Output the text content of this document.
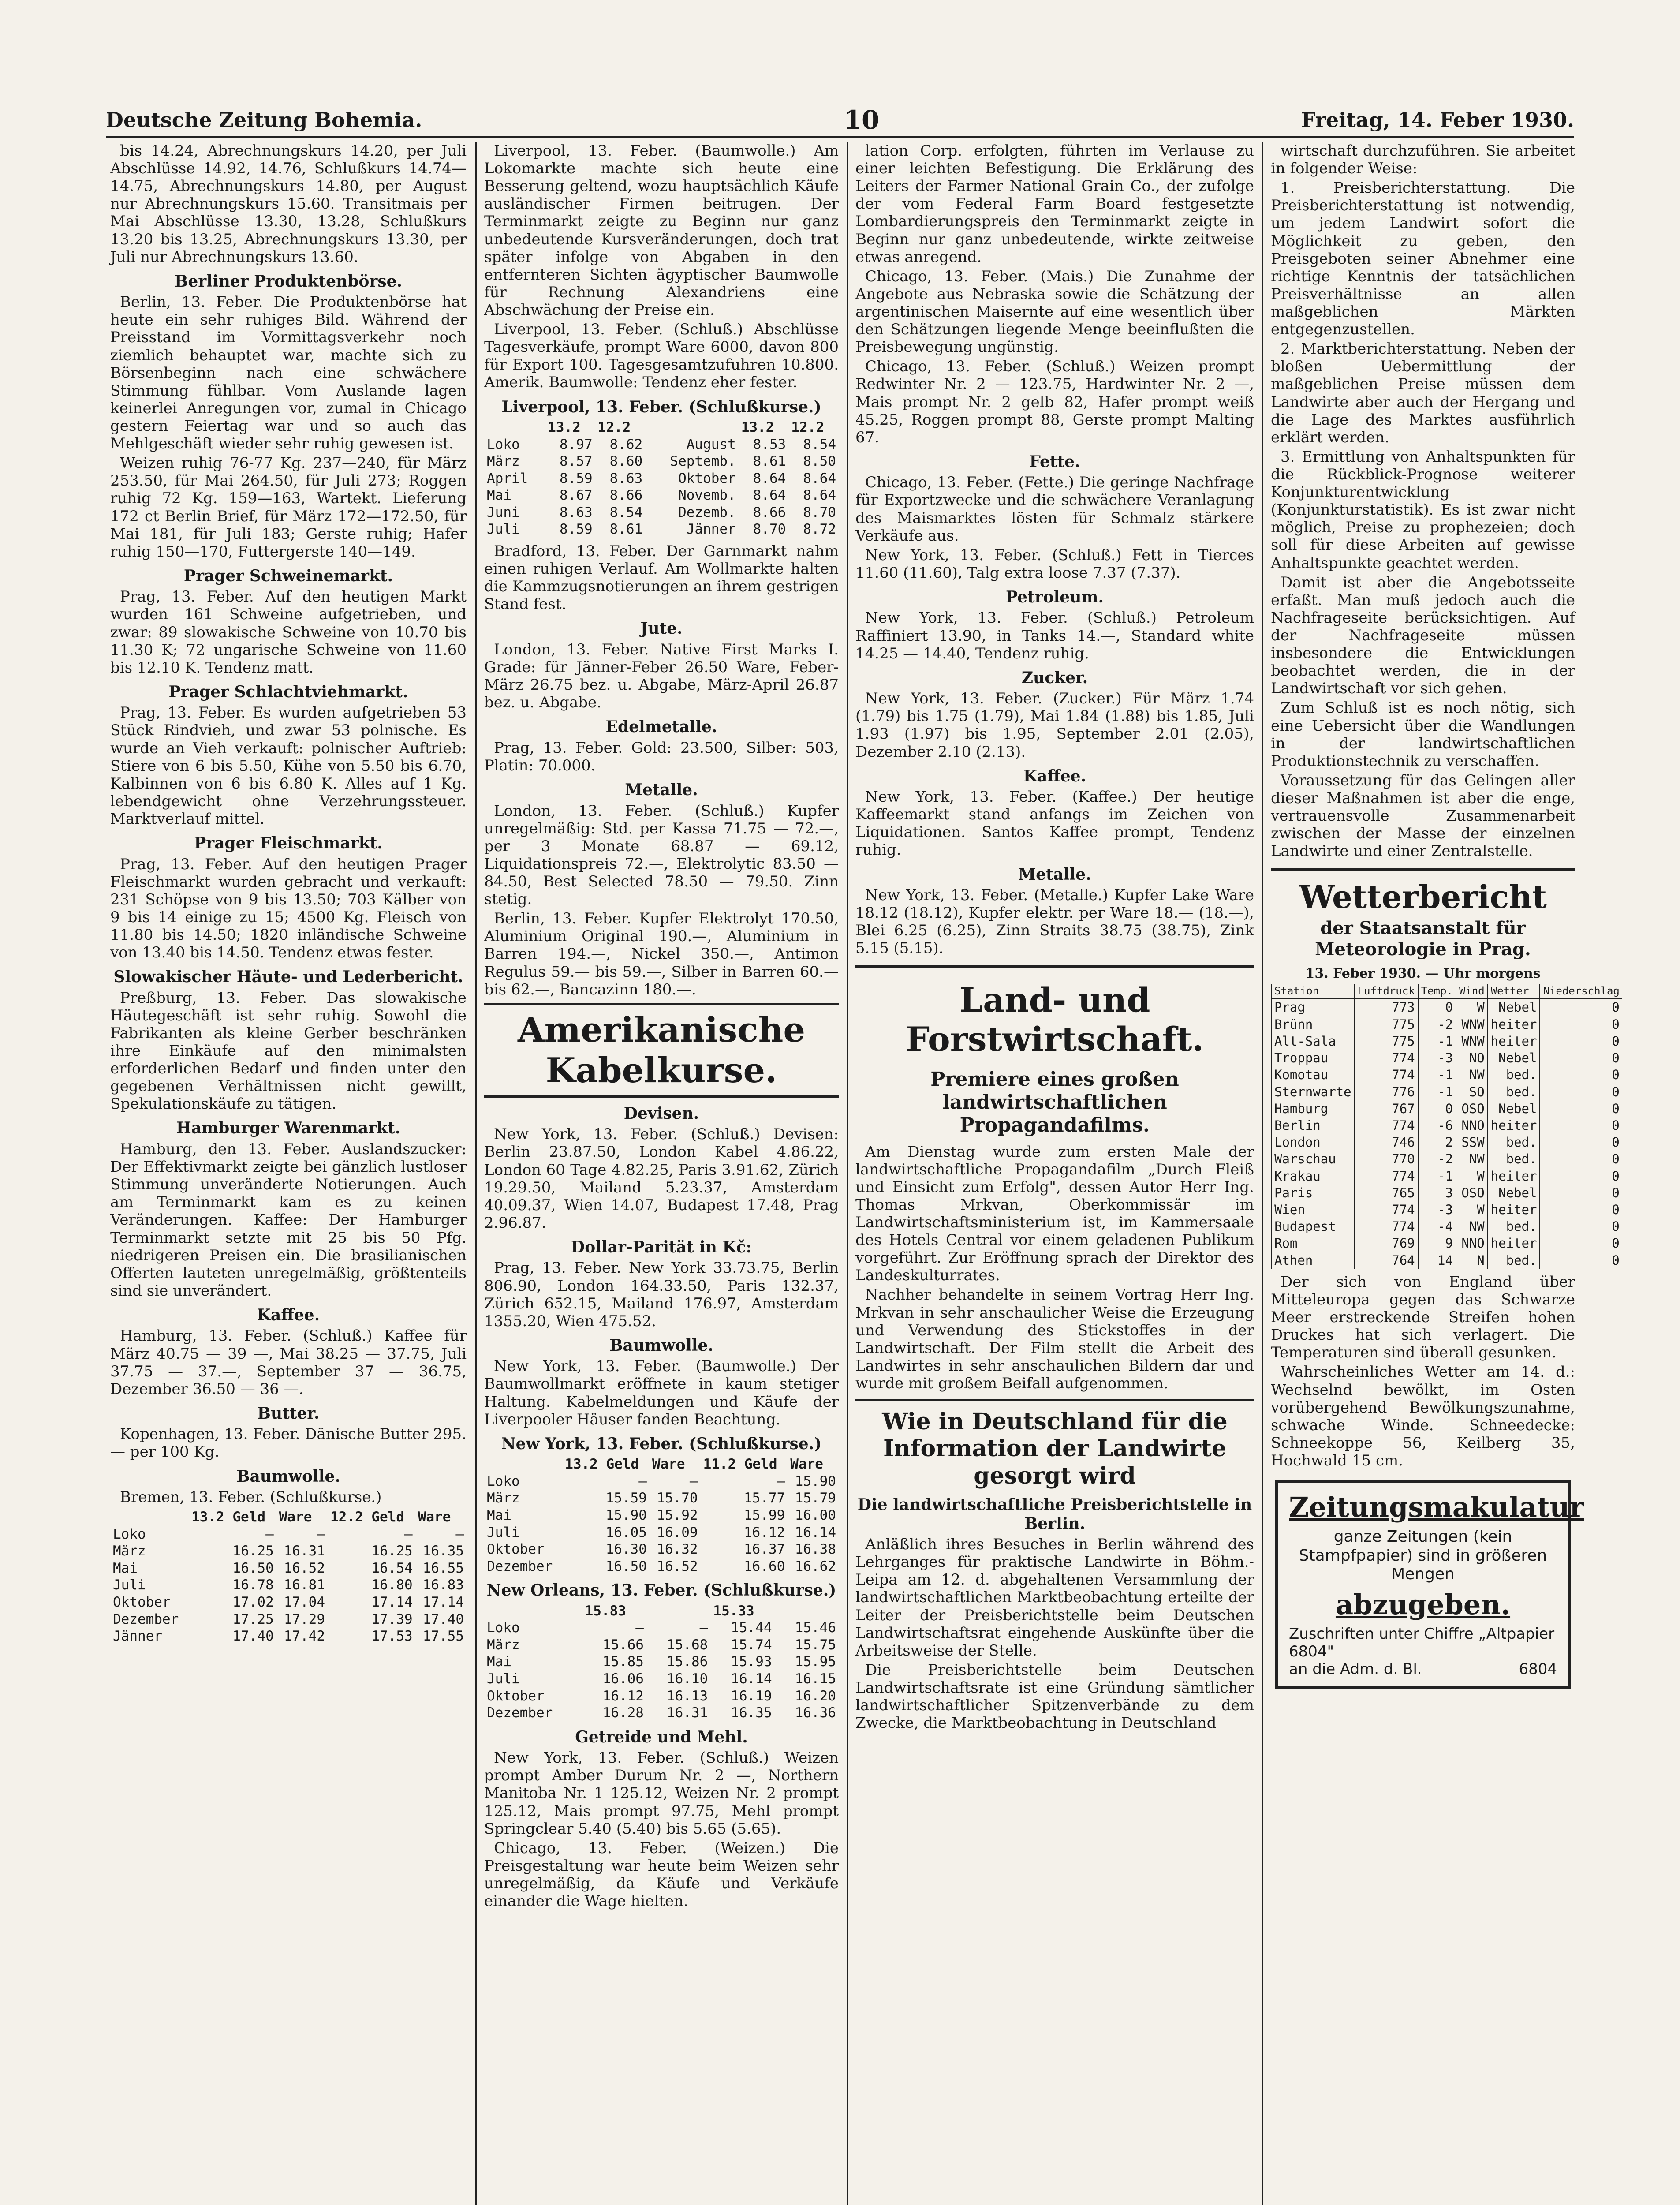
Deutsche Zeitung Bohemia.	10	Freitag, 14. Feber 1930.

bis 14.24, Abrechnungskurs 14.20, per Juli Abschlüsse 14.92, 14.76, Schlußkurs 14.74—14.75, Abrechnungskurs 14.80, per August nur Abrechnungskurs 15.60. Transitmais per Mai Abschlüsse 13.30, 13.28, Schlußkurs 13.20 bis 13.25, Abrechnungskurs 13.30, per Juli nur Abrechnungskurs 13.60.

Berliner Produktenbörse.

Berlin, 13. Feber. Die Produktenbörse hat heute ein sehr ruhiges Bild. Während der Preisstand im Vormittagsverkehr noch ziemlich behauptet war, machte sich zu Börsenbeginn nach eine schwächere Stimmung fühlbar. Vom Auslande lagen keinerlei Anregungen vor, zumal in Chicago gestern Feiertag war und so auch das Mehlgeschäft wieder sehr ruhig gewesen ist.

Weizen ruhig 76-77 Kg. 237—240, für März 253.50, für Mai 264.50, für Juli 273; Roggen ruhig 72 Kg. 159—163, Wartekt. Lieferung 172 ct Berlin Brief, für März 172—172.50, für Mai 181, für Juli 183; Gerste ruhig; Hafer ruhig 150—170, Futtergerste 140—149.

Prager Schweinemarkt.

Prag, 13. Feber. Auf den heutigen Markt wurden 161 Schweine aufgetrieben, und zwar: 89 slowakische Schweine von 10.70 bis 11.30 K; 72 ungarische Schweine von 11.60 bis 12.10 K. Tendenz matt.

Prager Schlachtviehmarkt.

Prag, 13. Feber. Es wurden aufgetrieben 53 Stück Rindvieh, und zwar 53 polnische. Es wurde an Vieh verkauft: polnischer Auftrieb: Stiere von 6 bis 5.50, Kühe von 5.50 bis 6.70, Kalbinnen von 6 bis 6.80 K. Alles auf 1 Kg. lebendgewicht ohne Verzehrungssteuer. Marktverlauf mittel.

Prager Fleischmarkt.

Prag, 13. Feber. Auf den heutigen Prager Fleischmarkt wurden gebracht und verkauft: 231 Schöpse von 9 bis 13.50; 703 Kälber von 9 bis 14 einige zu 15; 4500 Kg. Fleisch von 11.80 bis 14.50; 1820 inländische Schweine von 13.40 bis 14.50. Tendenz etwas fester.

Slowakischer Häute- und Lederbericht.

Preßburg, 13. Feber. Das slowakische Häutegeschäft ist sehr ruhig. Sowohl die Fabrikanten als kleine Gerber beschränken ihre Einkäufe auf den minimalsten erforderlichen Bedarf und finden unter den gegebenen Verhältnissen nicht gewillt, Spekulationskäufe zu tätigen.

Hamburger Warenmarkt.

Hamburg, den 13. Feber. Auslandszucker: Der Effektivmarkt zeigte bei gänzlich lustloser Stimmung unveränderte Notierungen. Auch am Terminmarkt kam es zu keinen Veränderungen. Kaffee: Der Hamburger Terminmarkt setzte mit 25 bis 50 Pfg. niedrigeren Preisen ein. Die brasilianischen Offerten lauteten unregelmäßig, größtenteils sind sie unverändert.

Kaffee.

Hamburg, 13. Feber. (Schluß.) Kaffee für März 40.75 — 39 —, Mai 38.25 — 37.75, Juli 37.75 — 37.—, September 37 — 36.75, Dezember 36.50 — 36 —.

Butter.

Kopenhagen, 13. Feber. Dänische Butter 295.— per 100 Kg.

Baumwolle.

Bremen, 13. Feber. (Schlußkurse.)

	13.2 Geld	Ware	12.2 Geld	Ware
Loko	—	—	—	—
März	16.25	16.31	16.25	16.35
Mai	16.50	16.52	16.54	16.55
Juli	16.78	16.81	16.80	16.83
Oktober	17.02	17.04	17.14	17.14
Dezember	17.25	17.29	17.39	17.40
Jänner	17.40	17.42	17.53	17.55

Liverpool, 13. Feber. (Baumwolle.) Am Lokomarkte machte sich heute eine Besserung geltend, wozu hauptsächlich Käufe ausländischer Firmen beitrugen. Der Terminmarkt zeigte zu Beginn nur ganz unbedeutende Kursveränderungen, doch trat später infolge von Abgaben in den entfernteren Sichten ägyptischer Baumwolle für Rechnung Alexandriens eine Abschwächung der Preise ein.

Liverpool, 13. Feber. (Schluß.) Abschlüsse Tagesverkäufe, prompt Ware 6000, davon 800 für Export 100. Tagesgesamtzufuhren 10.800. Amerik. Baumwolle: Tendenz eher fester.

Liverpool, 13. Feber. (Schlußkurse.)

	13.2	12.2		13.2	12.2
Loko	8.97	8.62	August	8.53	8.54
März	8.57	8.60	Septemb.	8.61	8.50
April	8.59	8.63	Oktober	8.64	8.64
Mai	8.67	8.66	Novemb.	8.64	8.64
Juni	8.63	8.54	Dezemb.	8.66	8.70
Juli	8.59	8.61	Jänner	8.70	8.72

Bradford, 13. Feber. Der Garnmarkt nahm einen ruhigen Verlauf. Am Wollmarkte halten die Kammzugsnotierungen an ihrem gestrigen Stand fest.

Jute.

London, 13. Feber. Native First Marks I. Grade: für Jänner-Feber 26.50 Ware, Feber-März 26.75 bez. u. Abgabe, März-April 26.87 bez. u. Abgabe.

Edelmetalle.

Prag, 13. Feber. Gold: 23.500, Silber: 503, Platin: 70.000.

Metalle.

London, 13. Feber. (Schluß.) Kupfer unregelmäßig: Std. per Kassa 71.75 — 72.—, per 3 Monate 68.87 — 69.12, Liquidationspreis 72.—, Elektrolytic 83.50 — 84.50, Best Selected 78.50 — 79.50. Zinn stetig.

Berlin, 13. Feber. Kupfer Elektrolyt 170.50, Aluminium Original 190.—, Aluminium in Barren 194.—, Nickel 350.—, Antimon Regulus 59.— bis 59.—, Silber in Barren 60.— bis 62.—, Bancazinn 180.—.

Amerikanische Kabelkurse.

Devisen.

New York, 13. Feber. (Schluß.) Devisen: Berlin 23.87.50, London Kabel 4.86.22, London 60 Tage 4.82.25, Paris 3.91.62, Zürich 19.29.50, Mailand 5.23.37, Amsterdam 40.09.37, Wien 14.07, Budapest 17.48, Prag 2.96.87.

Dollar-Parität in Kč:

Prag, 13. Feber. New York 33.73.75, Berlin 806.90, London 164.33.50, Paris 132.37, Zürich 652.15, Mailand 176.97, Amsterdam 1355.20, Wien 475.52.

Baumwolle.

New York, 13. Feber. (Baumwolle.) Der Baumwollmarkt eröffnete in kaum stetiger Haltung. Kabelmeldungen und Käufe der Liverpooler Häuser fanden Beachtung.

New York, 13. Feber. (Schlußkurse.)

	13.2 Geld	Ware	11.2 Geld	Ware
Loko	—	—	—	15.90
März	15.59	15.70	15.77	15.79
Mai	15.90	15.92	15.99	16.00
Juli	16.05	16.09	16.12	16.14
Oktober	16.30	16.32	16.37	16.38
Dezember	16.50	16.52	16.60	16.62

New Orleans, 13. Feber. (Schlußkurse.)

	15.83		15.33	
Loko	—	—	15.44	15.46
März	15.66	15.68	15.74	15.75
Mai	15.85	15.86	15.93	15.95
Juli	16.06	16.10	16.14	16.15
Oktober	16.12	16.13	16.19	16.20
Dezember	16.28	16.31	16.35	16.36

Getreide und Mehl.

New York, 13. Feber. (Schluß.) Weizen prompt Amber Durum Nr. 2 —, Northern Manitoba Nr. 1 125.12, Weizen Nr. 2 prompt 125.12, Mais prompt 97.75, Mehl prompt Springclear 5.40 (5.40) bis 5.65 (5.65).

Chicago, 13. Feber. (Weizen.) Die Preisgestaltung war heute beim Weizen sehr unregelmäßig, da Käufe und Verkäufe einander die Wage hielten.

lation Corp. erfolgten, führten im Verlause zu einer leichten Befestigung. Die Erklärung des Leiters der Farmer National Grain Co., der zufolge der vom Federal Farm Board festgesetzte Lombardierungspreis den Terminmarkt zeigte in Beginn nur ganz unbedeutende, wirkte zeitweise etwas anregend.

Chicago, 13. Feber. (Mais.) Die Zunahme der Angebote aus Nebraska sowie die Schätzung der argentinischen Maisernte auf eine wesentlich über den Schätzungen liegende Menge beeinflußten die Preisbewegung ungünstig.

Chicago, 13. Feber. (Schluß.) Weizen prompt Redwinter Nr. 2 — 123.75, Hardwinter Nr. 2 —, Mais prompt Nr. 2 gelb 82, Hafer prompt weiß 45.25, Roggen prompt 88, Gerste prompt Malting 67.

Fette.

Chicago, 13. Feber. (Fette.) Die geringe Nachfrage für Exportzwecke und die schwächere Veranlagung des Maismarktes lösten für Schmalz stärkere Verkäufe aus.

New York, 13. Feber. (Schluß.) Fett in Tierces 11.60 (11.60), Talg extra loose 7.37 (7.37).

Petroleum.

New York, 13. Feber. (Schluß.) Petroleum Raffiniert 13.90, in Tanks 14.—, Standard white 14.25 — 14.40, Tendenz ruhig.

Zucker.

New York, 13. Feber. (Zucker.) Für März 1.74 (1.79) bis 1.75 (1.79), Mai 1.84 (1.88) bis 1.85, Juli 1.93 (1.97) bis 1.95, September 2.01 (2.05), Dezember 2.10 (2.13).

Kaffee.

New York, 13. Feber. (Kaffee.) Der heutige Kaffeemarkt stand anfangs im Zeichen von Liquidationen. Santos Kaffee prompt, Tendenz ruhig.

Metalle.

New York, 13. Feber. (Metalle.) Kupfer Lake Ware 18.12 (18.12), Kupfer elektr. per Ware 18.— (18.—), Blei 6.25 (6.25), Zinn Straits 38.75 (38.75), Zink 5.15 (5.15).

Land- und Forstwirtschaft.
Premiere eines großen landwirtschaftlichen Propagandafilms.

Am Dienstag wurde zum ersten Male der landwirtschaftliche Propagandafilm „Durch Fleiß und Einsicht zum Erfolg", dessen Autor Herr Ing. Thomas Mrkvan, Oberkommissär im Landwirtschaftsministerium ist, im Kammersaale des Hotels Central vor einem geladenen Publikum vorgeführt. Zur Eröffnung sprach der Direktor des Landeskulturrates.

Nachher behandelte in seinem Vortrag Herr Ing. Mrkvan in sehr anschaulicher Weise die Erzeugung und Verwendung des Stickstoffes in der Landwirtschaft. Der Film stellt die Arbeit des Landwirtes in sehr anschaulichen Bildern dar und wurde mit großem Beifall aufgenommen.

Wie in Deutschland für die Information der Landwirte gesorgt wird

Die landwirtschaftliche Preisberichtstelle in Berlin.

Anläßlich ihres Besuches in Berlin während des Lehrganges für praktische Landwirte in Böhm.-Leipa am 12. d. abgehaltenen Versammlung der landwirtschaftlichen Marktbeobachtung erteilte der Leiter der Preisberichtstelle beim Deutschen Landwirtschaftsrat eingehende Auskünfte über die Arbeitsweise der Stelle.

Die Preisberichtstelle beim Deutschen Landwirtschaftsrate ist eine Gründung sämtlicher landwirtschaftlicher Spitzenverbände zu dem Zwecke, die Marktbeobachtung in Deutschland

wirtschaft durchzuführen. Sie arbeitet in folgender Weise:

1. Preisberichterstattung. Die Preisberichterstattung ist notwendig, um jedem Landwirt sofort die Möglichkeit zu geben, den Preisgeboten seiner Abnehmer eine richtige Kenntnis der tatsächlichen Preisverhältnisse an allen maßgeblichen Märkten entgegenzustellen.

2. Marktberichterstattung. Neben der bloßen Uebermittlung der maßgeblichen Preise müssen dem Landwirte aber auch der Hergang und die Lage des Marktes ausführlich erklärt werden.

3. Ermittlung von Anhaltspunkten für die Rückblick-Prognose weiterer Konjunkturentwicklung (Konjunkturstatistik). Es ist zwar nicht möglich, Preise zu prophezeien; doch soll für diese Arbeiten auf gewisse Anhaltspunkte geachtet werden.

Damit ist aber die Angebotsseite erfaßt. Man muß jedoch auch die Nachfrageseite berücksichtigen. Auf der Nachfrageseite müssen insbesondere die Entwicklungen beobachtet werden, die in der Landwirtschaft vor sich gehen.

Zum Schluß ist es noch nötig, sich eine Uebersicht über die Wandlungen in der landwirtschaftlichen Produktionstechnik zu verschaffen.

Voraussetzung für das Gelingen aller dieser Maßnahmen ist aber die enge, vertrauensvolle Zusammenarbeit zwischen der Masse der einzelnen Landwirte und einer Zentralstelle.

Wetterbericht
der Staatsanstalt für Meteorologie in Prag.

13. Feber 1930. — Uhr morgens

Station	Luftdruck	Temp.	Wind	Wetter	Niederschlag
Prag	773	0	W	Nebel	0
Brünn	775	-2	WNW	heiter	0
Alt-Sala	775	-1	WNW	heiter	0
Troppau	774	-3	NO	Nebel	0
Komotau	774	-1	NW	bed.	0
Sternwarte	776	-1	SO	bed.	0
Hamburg	767	0	OSO	Nebel	0
Berlin	774	-6	NNO	heiter	0
London	746	2	SSW	bed.	0
Warschau	770	-2	NW	bed.	0
Krakau	774	-1	W	heiter	0
Paris	765	3	OSO	Nebel	0
Wien	774	-3	W	heiter	0
Budapest	774	-4	NW	bed.	0
Rom	769	9	NNO	heiter	0
Athen	764	14	N	bed.	0

Der sich von England über Mitteleuropa gegen das Schwarze Meer erstreckende Streifen hohen Druckes hat sich verlagert. Die Temperaturen sind überall gesunken.

Wahrscheinliches Wetter am 14. d.: Wechselnd bewölkt, im Osten vorübergehend Bewölkungszunahme, schwache Winde. Schneedecke: Schneekoppe 56, Keilberg 35, Hochwald 15 cm.

Zeitungsmakulatur
ganze Zeitungen (kein Stampfpapier) sind in größeren Mengen
abzugeben.
Zuschriften unter Chiffre „Altpapier 6804"
an die Adm. d. Bl.	6804
